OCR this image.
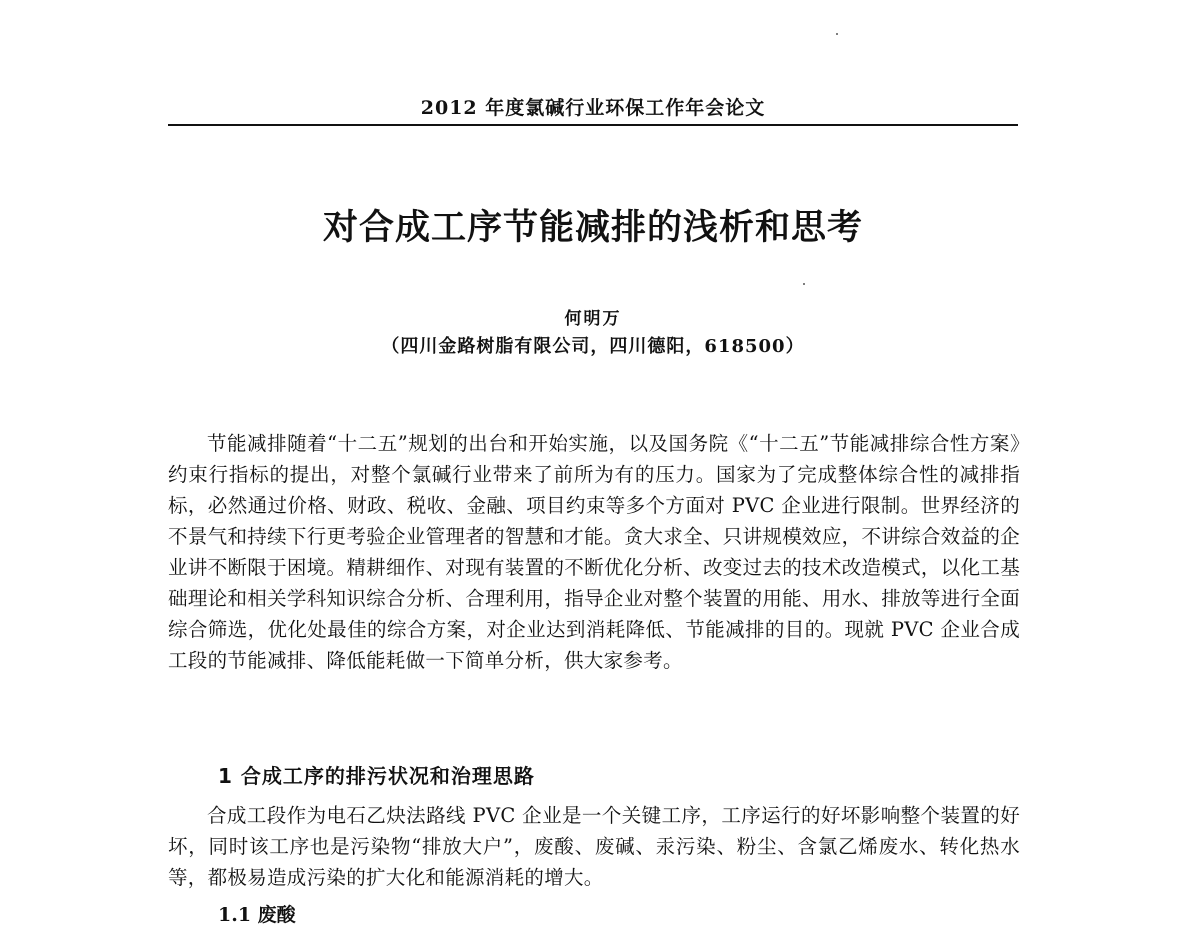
2012 年度氯碱行业环保工作年会论文
对合成工序节能减排的浅析和思考
何明万
（四川金路树脂有限公司，四川德阳，618500）

节能减排随着“十二五”规划的出台和开始实施，以及国务院《“十二五”节能减排综合性方案》约束行指标的提出，对整个氯碱行业带来了前所为有的压力。国家为了完成整体综合性的减排指标，必然通过价格、财政、税收、金融、项目约束等多个方面对 PVC 企业进行限制。世界经济的不景气和持续下行更考验企业管理者的智慧和才能。贪大求全、只讲规模效应，不讲综合效益的企业讲不断限于困境。精耕细作、对现有装置的不断优化分析、改变过去的技术改造模式，以化工基础理论和相关学科知识综合分析、合理利用，指导企业对整个装置的用能、用水、排放等进行全面综合筛选，优化处最佳的综合方案，对企业达到消耗降低、节能减排的目的。现就 PVC 企业合成工段的节能减排、降低能耗做一下简单分析，供大家参考。

1 合成工序的排污状况和治理思路

合成工段作为电石乙炔法路线 PVC 企业是一个关键工序，工序运行的好坏影响整个装置的好坏，同时该工序也是污染物“排放大户”，废酸、废碱、汞污染、粉尘、含氯乙烯废水、转化热水等，都极易造成污染的扩大化和能源消耗的增大。

1.1 废酸
